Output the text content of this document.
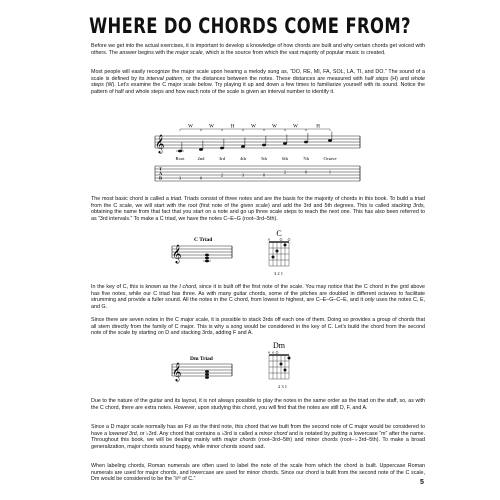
WHERE DO CHORDS COME FROM?

Before we get into the actual exercises, it is important to develop a knowledge of how chords are built and why certain chords get voiced with others. The answer begins with the major scale, which is the source from which the vast majority of popular music is created.

Most people will easily recognize the major scale upon hearing a melody sung as, “DO, RE, MI, FA, SOL, LA, TI, and DO.” The sound of a scale is defined by its interval pattern, or the distances between the notes. These distances are measured with half steps (H) and whole steps (W). Let’s examine the C major scale below. Try playing it up and down a few times to familiarize yourself with its sound. Notice the pattern of half and whole steps and how each note of the scale is given an interval number to identify it.

W	W	H	W	W	W	H
𝄞
Root	2nd	3rd	4th	5th	6th	7th	Octave
T
A
B	3	0
2	3	0
2	0	1

The most basic chord is called a triad. Triads consist of three notes and are the basis for the majority of chords in this book. To build a triad from the C scale, we will start with the root (first note of the given scale) and add the 3rd and 5th degrees. This is called stacking 3rds, obtaining the name from that fact that you start on a note and go up three scale steps to reach the next one. This has also been referred to as “3rd intervals.” To make a C triad, we have the notes C–E–G (root–3rd–5th).

C Triad
𝄞
C
3 2 1

In the key of C, this is known as the I chord, since it is built off the first note of the scale. You may notice that the C chord in the grid above has five notes, while our C triad has three. As with many guitar chords, some of the pitches are doubled in different octaves to facilitate strumming and provide a fuller sound. All the notes in the C chord, from lowest to highest, are C–E–G–C–E, and it only uses the notes C, E, and G.

Since there are seven notes in the C major scale, it is possible to stack 3rds off each one of them. Doing so provides a group of chords that all stem directly from the family of C major. This is why a song would be considered in the key of C. Let’s build the chord from the second note of the scale by starting on D and stacking 3rds, adding F and A.

Dm Triad
𝄞
Dm
2 3 1

Due to the nature of the guitar and its layout, it is not always possible to play the notes in the same order as the triad on the staff, so, as with the C chord, there are extra notes. However, upon studying this chord, you will find that the notes are still D, F, and A.

Since a D major scale normally has an F♯ as the third note, this chord that we built from the second note of C major would be considered to have a lowered 3rd, or ♭3rd. Any chord that contains a ♭3rd is called a minor chord and is notated by putting a lowercase “m” after the name. Throughout this book, we will be dealing mainly with major chords (root–3rd–5th) and minor chords (root–♭3rd–5th). To make a broad generalization, major chords sound happy, while minor chords sound sad.

When labeling chords, Roman numerals are often used to label the note of the scale from which the chord is built. Uppercase Roman numerals are used for major chords, and lowercase are used for minor chords. Since our chord is built from the second note of the C scale, Dm would be considered to be the “iiᵐ of C.”	5
